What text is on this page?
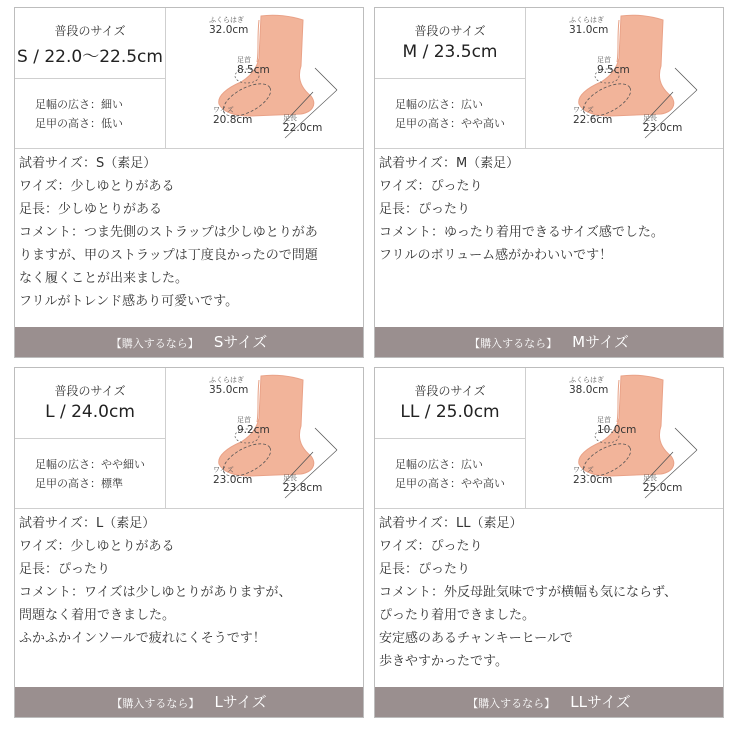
普段のサイズ
S / 22.0〜22.5cm
足幅の広さ：細い
足甲の高さ：低い
ふくらはぎ
32.0cm
足首
8.5cm
ワイズ
20.8cm	足長
22.0cm
試着サイズ：S（素足）
ワイズ：少しゆとりがある
足長：少しゆとりがある
コメント：つま先側のストラップは少しゆとりがあ
りますが、甲のストラップは丁度良かったので問題
なく履くことが出来ました。
フリルがトレンド感あり可愛いです。
【購入するなら】 Sサイズ
普段のサイズ
M / 23.5cm
足幅の広さ：広い
足甲の高さ：やや高い
ふくらはぎ
31.0cm
足首
9.5cm
ワイズ
22.6cm	足長
23.0cm
試着サイズ：M（素足）
ワイズ：ぴったり
足長：ぴったり
コメント：ゆったり着用できるサイズ感でした。
フリルのボリューム感がかわいいです！
【購入するなら】 Mサイズ
普段のサイズ
L / 24.0cm
足幅の広さ：やや細い
足甲の高さ：標準
ふくらはぎ
35.0cm
足首
9.2cm
ワイズ
23.0cm	足長
23.8cm
試着サイズ：L（素足）
ワイズ：少しゆとりがある
足長：ぴったり
コメント：ワイズは少しゆとりがありますが、
問題なく着用できました。
ふかふかインソールで疲れにくそうです！
【購入するなら】 Lサイズ
普段のサイズ
LL / 25.0cm
足幅の広さ：広い
足甲の高さ：やや高い
ふくらはぎ
38.0cm
足首
10.0cm
ワイズ
23.0cm	足長
25.0cm
試着サイズ：LL（素足）
ワイズ：ぴったり
足長：ぴったり
コメント：外反母趾気味ですが横幅も気にならず、
ぴったり着用できました。
安定感のあるチャンキーヒールで
歩きやすかったです。
【購入するなら】 LLサイズ
